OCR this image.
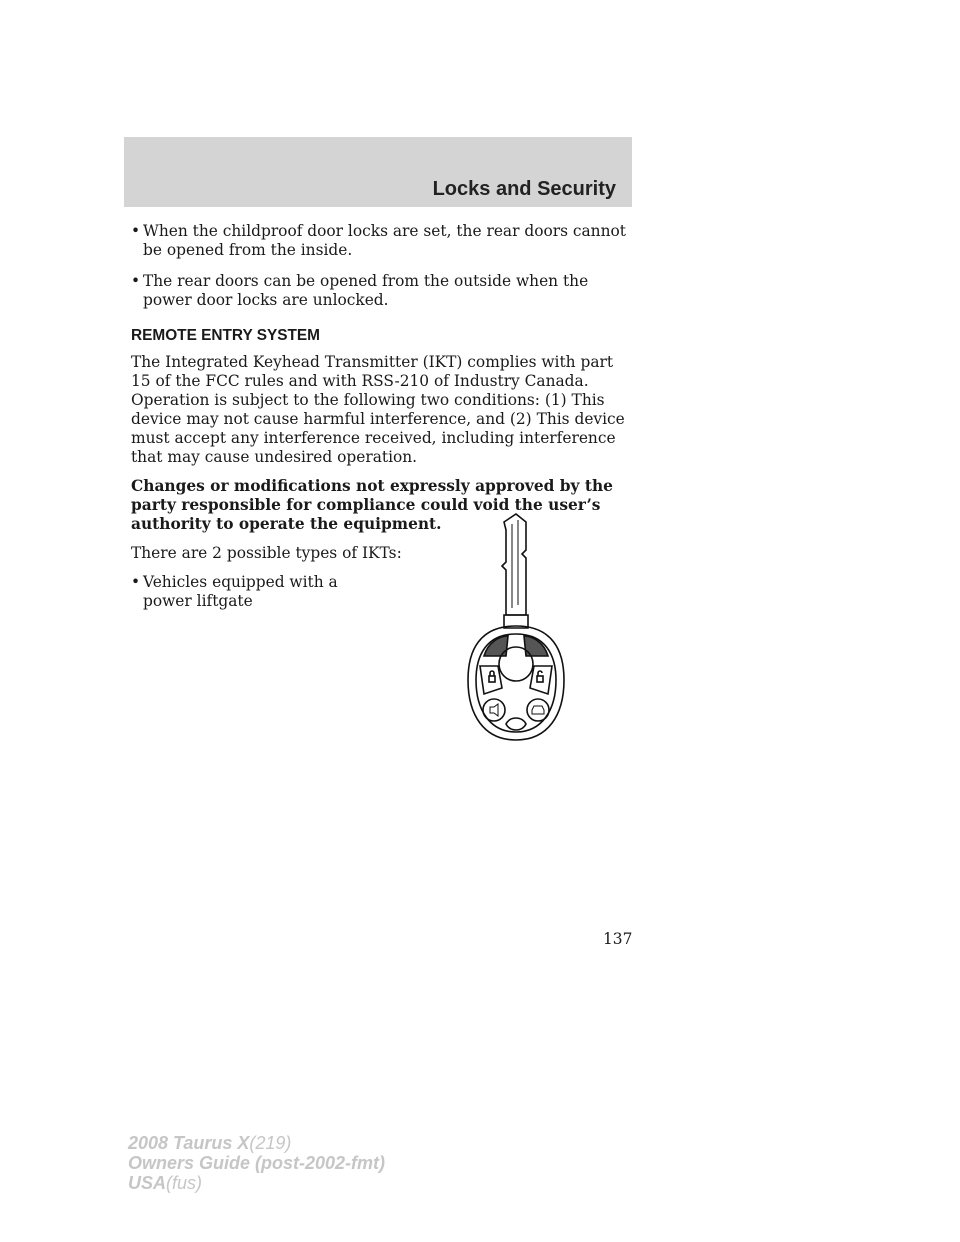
Locks and Security
• When the childproof door locks are set, the rear doors cannot be opened from the inside.
• The rear doors can be opened from the outside when the power door locks are unlocked.
REMOTE ENTRY SYSTEM

The Integrated Keyhead Transmitter (IKT) complies with part 15 of the FCC rules and with RSS-210 of Industry Canada. Operation is subject to the following two conditions: (1) This device may not cause harmful interference, and (2) This device must accept any interference received, including interference that may cause undesired operation.

Changes or modifications not expressly approved by the party responsible for compliance could void the user’s authority to operate the equipment.

There are 2 possible types of IKTs:

• Vehicles equipped with a power liftgate
137
2008 Taurus X(219)
Owners Guide (post-2002-fmt)
USA(fus)
